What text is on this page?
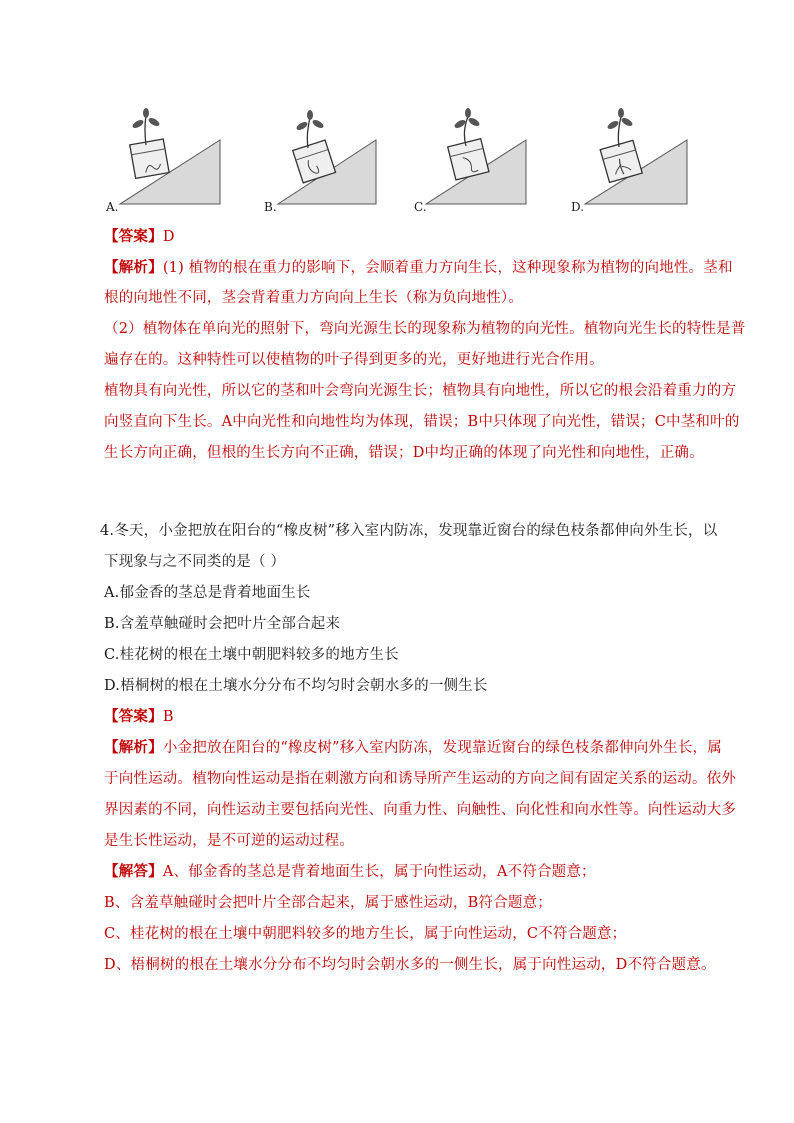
A.	B.	C.	D.
【答案】D
【解析】(1) 植物的根在重力的影响下，会顺着重力方向生长，这种现象称为植物的向地性。茎和
根的向地性不同，茎会背着重力方向向上生长（称为负向地性）。
（2）植物体在单向光的照射下，弯向光源生长的现象称为植物的向光性。植物向光生长的特性是普
遍存在的。这种特性可以使植物的叶子得到更多的光，更好地进行光合作用。
植物具有向光性，所以它的茎和叶会弯向光源生长；植物具有向地性，所以它的根会沿着重力的方
向竖直向下生长。A中向光性和向地性均为体现，错误；B中只体现了向光性，错误；C中茎和叶的
生长方向正确，但根的生长方向不正确，错误；D中均正确的体现了向光性和向地性，正确。
4.冬天，小金把放在阳台的“橡皮树”移入室内防冻，发现靠近窗台的绿色枝条都伸向外生长，以
下现象与之不同类的是（ ）
A.郁金香的茎总是背着地面生长
B.含羞草触碰时会把叶片全部合起来
C.桂花树的根在土壤中朝肥料较多的地方生长
D.梧桐树的根在土壤水分分布不均匀时会朝水多的一侧生长
【答案】B
【解析】小金把放在阳台的“橡皮树”移入室内防冻，发现靠近窗台的绿色枝条都伸向外生长，属
于向性运动。植物向性运动是指在刺激方向和诱导所产生运动的方向之间有固定关系的运动。依外
界因素的不同，向性运动主要包括向光性、向重力性、向触性、向化性和向水性等。向性运动大多
是生长性运动，是不可逆的运动过程。
【解答】A、郁金香的茎总是背着地面生长，属于向性运动，A不符合题意；
B、含羞草触碰时会把叶片全部合起来，属于感性运动，B符合题意；
C、桂花树的根在土壤中朝肥料较多的地方生长，属于向性运动，C不符合题意；
D、梧桐树的根在土壤水分分布不均匀时会朝水多的一侧生长，属于向性运动，D不符合题意。
